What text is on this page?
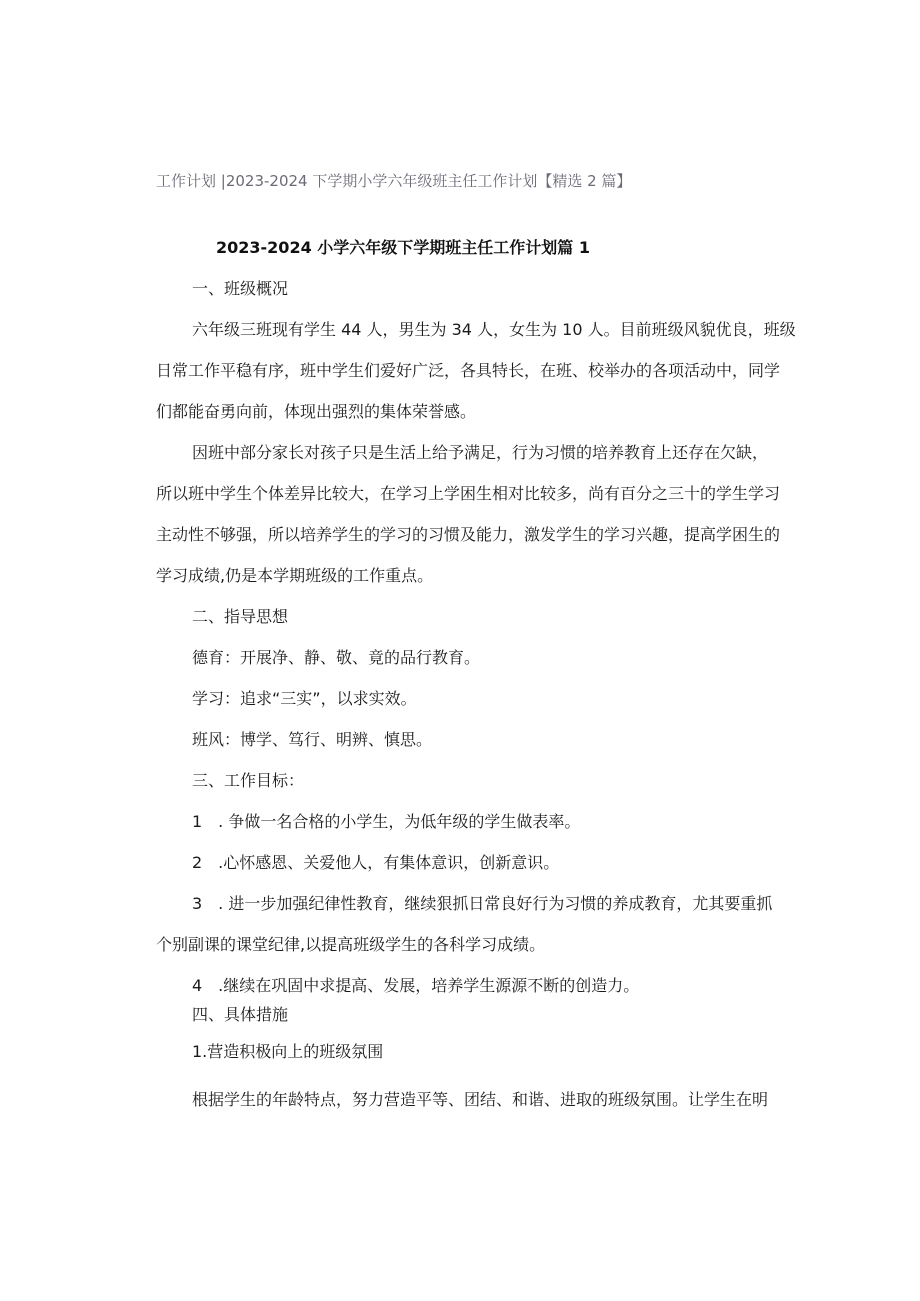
工作计划 |2023-2024 下学期小学六年级班主任工作计划【精选 2 篇】
2023-2024 小学六年级下学期班主任工作计划篇 1
一、班级概况
六年级三班现有学生 44 人，男生为 34 人，女生为 10 人。目前班级风貌优良，班级
日常工作平稳有序，班中学生们爱好广泛，各具特长，在班、校举办的各项活动中，同学
们都能奋勇向前，体现出强烈的集体荣誉感。
因班中部分家长对孩子只是生活上给予满足，行为习惯的培养教育上还存在欠缺，
所以班中学生个体差异比较大，在学习上学困生相对比较多，尚有百分之三十的学生学习
主动性不够强，所以培养学生的学习的习惯及能力，激发学生的学习兴趣，提高学困生的
学习成绩,仍是本学期班级的工作重点。
二、指导思想
德育：开展净、静、敬、竟的品行教育。
学习：追求“三实”，以求实效。
班风：博学、笃行、明辨、慎思。
三、工作目标：
1　. 争做一名合格的小学生，为低年级的学生做表率。
2　.心怀感恩、关爱他人，有集体意识，创新意识。
3　. 进一步加强纪律性教育，继续狠抓日常良好行为习惯的养成教育，尤其要重抓
个别副课的课堂纪律,以提高班级学生的各科学习成绩。
4　.继续在巩固中求提高、发展，培养学生源源不断的创造力。
四、具体措施
1.营造积极向上的班级氛围
根据学生的年龄特点，努力营造平等、团结、和谐、进取的班级氛围。让学生在明
